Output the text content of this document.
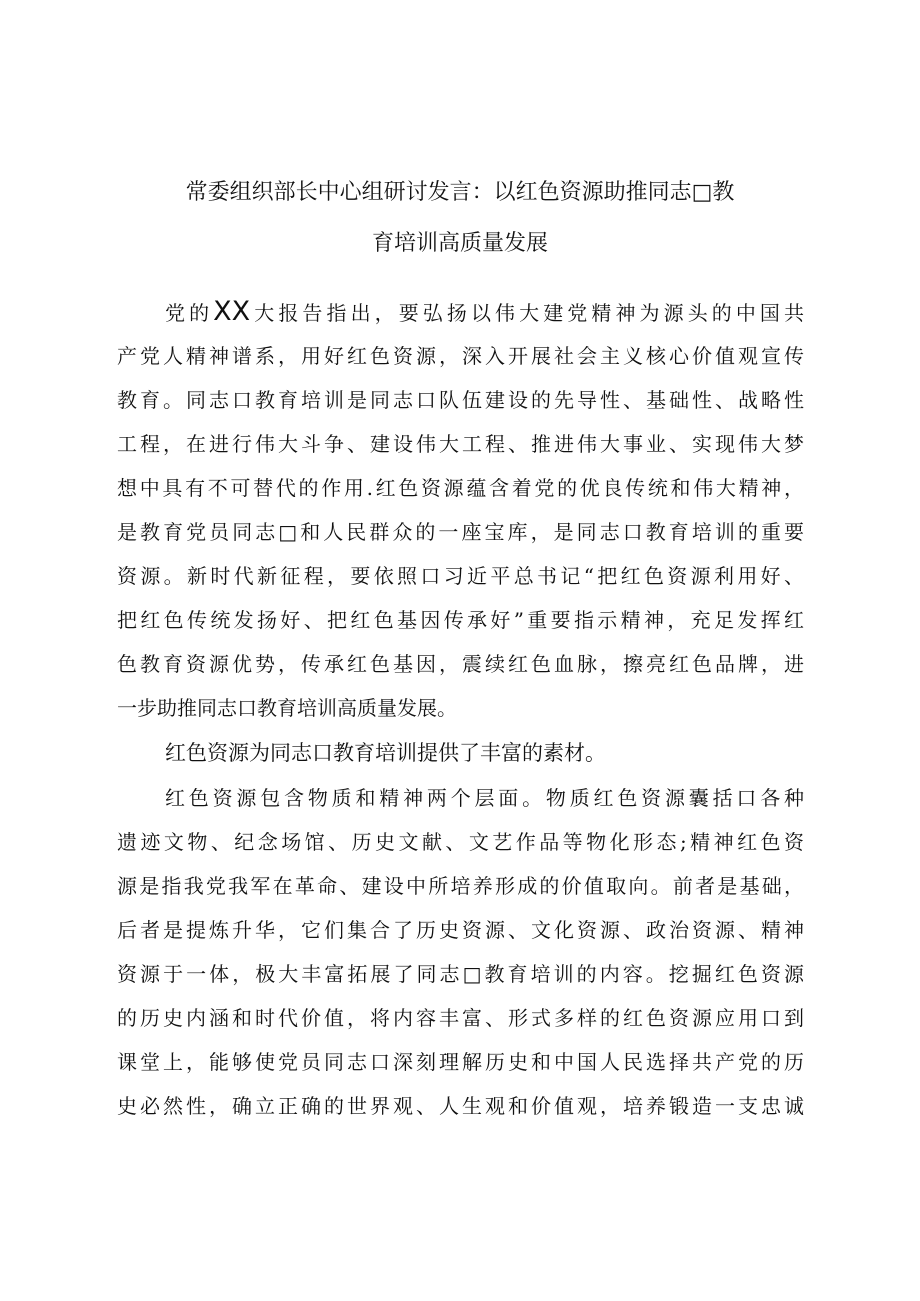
常委组织部长中心组研讨发言：以红色资源助推同志□教
育培训高质量发展
党的XX大报告指出，要弘扬以伟大建党精神为源头的中国共
产党人精神谱系，用好红色资源，深入开展社会主义核心价值观宣传
教育。同志口教育培训是同志口队伍建设的先导性、基础性、战略性
工程，在进行伟大斗争、建设伟大工程、推进伟大事业、实现伟大梦
想中具有不可替代的作用.红色资源蕴含着党的优良传统和伟大精神，
是教育党员同志□和人民群众的一座宝库，是同志口教育培训的重要
资源。新时代新征程，要依照口习近平总书记“把红色资源利用好、
把红色传统发扬好、把红色基因传承好”重要指示精神，充足发挥红
色教育资源优势，传承红色基因，震续红色血脉，擦亮红色品牌，进
一步助推同志口教育培训高质量发展。
红色资源为同志口教育培训提供了丰富的素材。
红色资源包含物质和精神两个层面。物质红色资源囊括口各种
遗迹文物、纪念场馆、历史文献、文艺作品等物化形态;精神红色资
源是指我党我军在革命、建设中所培养形成的价值取向。前者是基础，
后者是提炼升华，它们集合了历史资源、文化资源、政治资源、精神
资源于一体，极大丰富拓展了同志□教育培训的内容。挖掘红色资源
的历史内涵和时代价值，将内容丰富、形式多样的红色资源应用口到
课堂上，能够使党员同志口深刻理解历史和中国人民选择共产党的历
史必然性，确立正确的世界观、人生观和价值观，培养锻造一支忠诚
